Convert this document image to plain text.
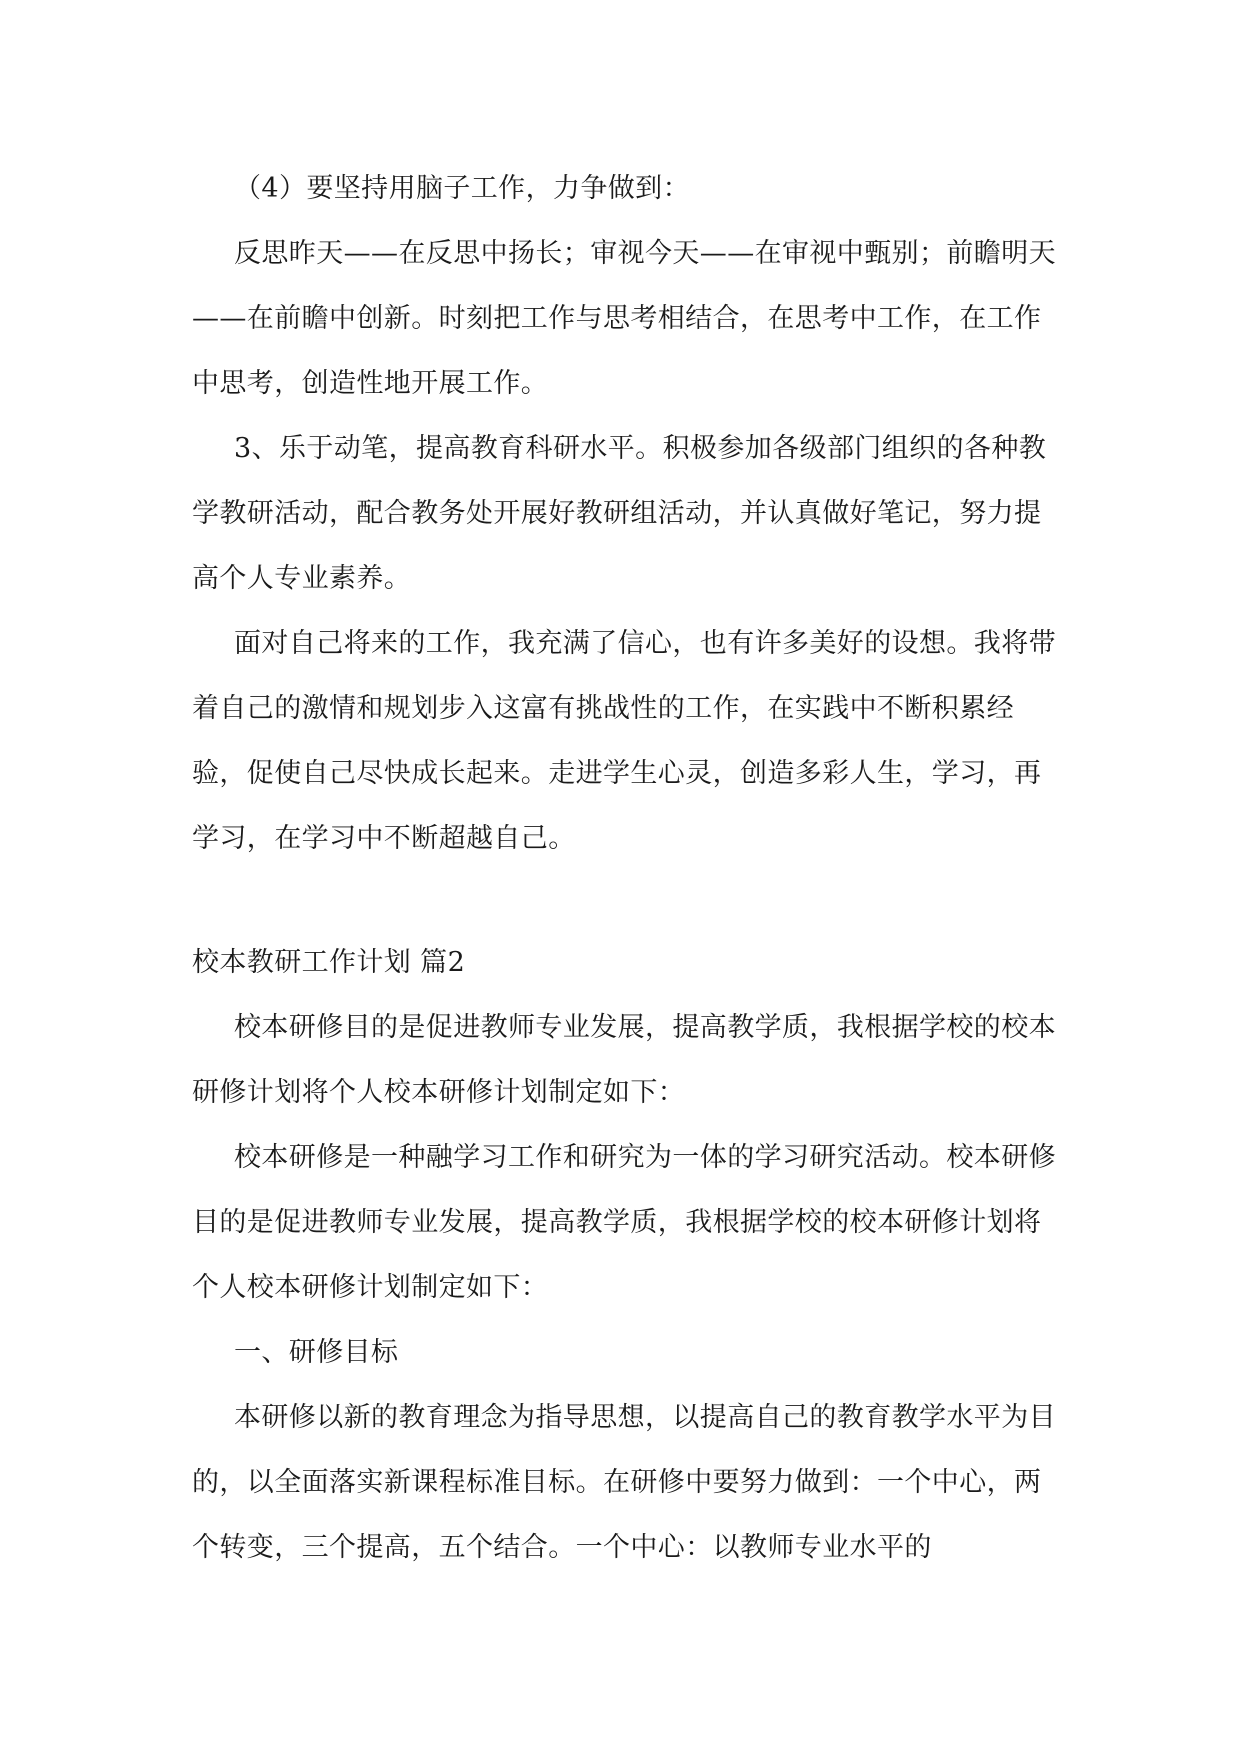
（4）要坚持用脑子工作，力争做到：

反思昨天——在反思中扬长；审视今天——在审视中甄别；前瞻明天——在前瞻中创新。时刻把工作与思考相结合，在思考中工作，在工作中思考，创造性地开展工作。

3、乐于动笔，提高教育科研水平。积极参加各级部门组织的各种教学教研活动，配合教务处开展好教研组活动，并认真做好笔记，努力提高个人专业素养。

面对自己将来的工作，我充满了信心，也有许多美好的设想。我将带着自己的激情和规划步入这富有挑战性的工作，在实践中不断积累经验，促使自己尽快成长起来。走进学生心灵，创造多彩人生，学习，再学习，在学习中不断超越自己。

校本教研工作计划 篇2

校本研修目的是促进教师专业发展，提高教学质，我根据学校的校本研修计划将个人校本研修计划制定如下：

校本研修是一种融学习工作和研究为一体的学习研究活动。校本研修目的是促进教师专业发展，提高教学质，我根据学校的校本研修计划将个人校本研修计划制定如下：

一、研修目标

本研修以新的教育理念为指导思想，以提高自己的教育教学水平为目的，以全面落实新课程标准目标。在研修中要努力做到：一个中心，两个转变，三个提高，五个结合。一个中心：以教师专业水平的
